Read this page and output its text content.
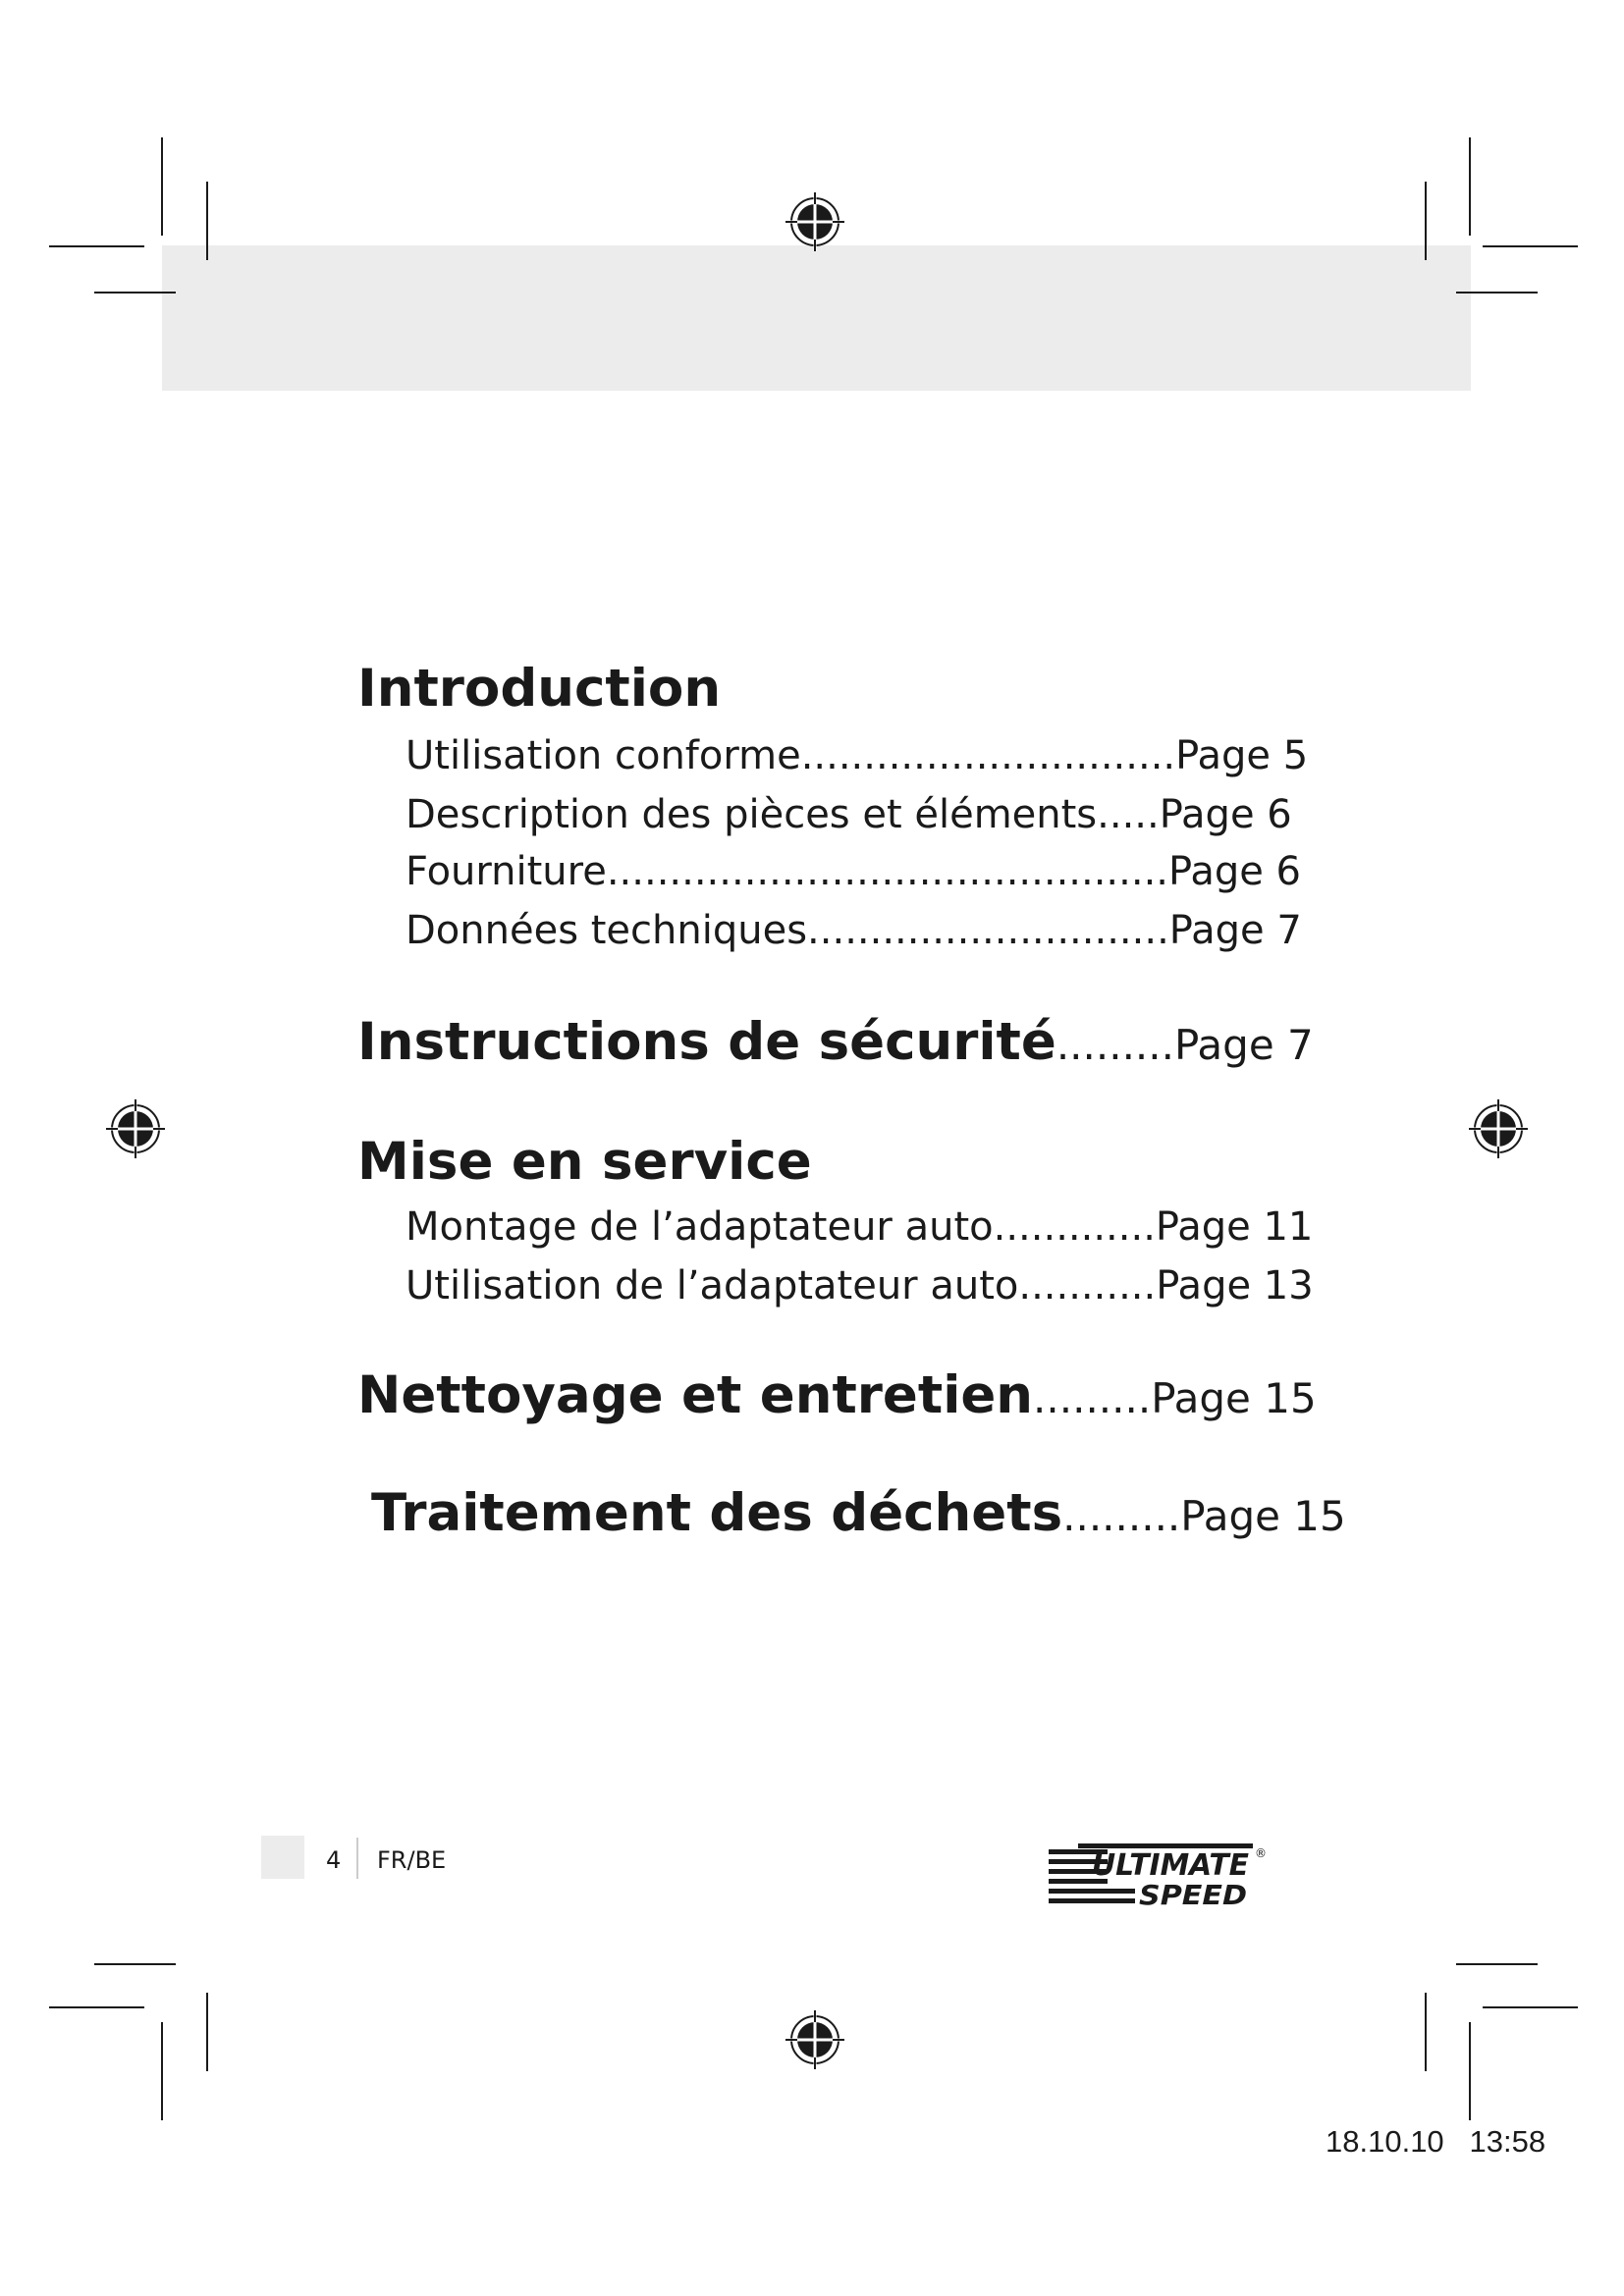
Introduction
Utilisation conforme..............................Page 5
Description des pièces et éléments.....Page 6
Fourniture.............................................Page 6
Données techniques.............................Page 7
Instructions de sécurité.........Page 7
Mise en service
Montage de l’adaptateur auto.............Page 11
Utilisation de l’adaptateur auto...........Page 13
Nettoyage et entretien.........Page 15
Traitement des déchets.........Page 15
4 FR/BE	ULTIMATE
SPEED
®
18.10.10   13:58
